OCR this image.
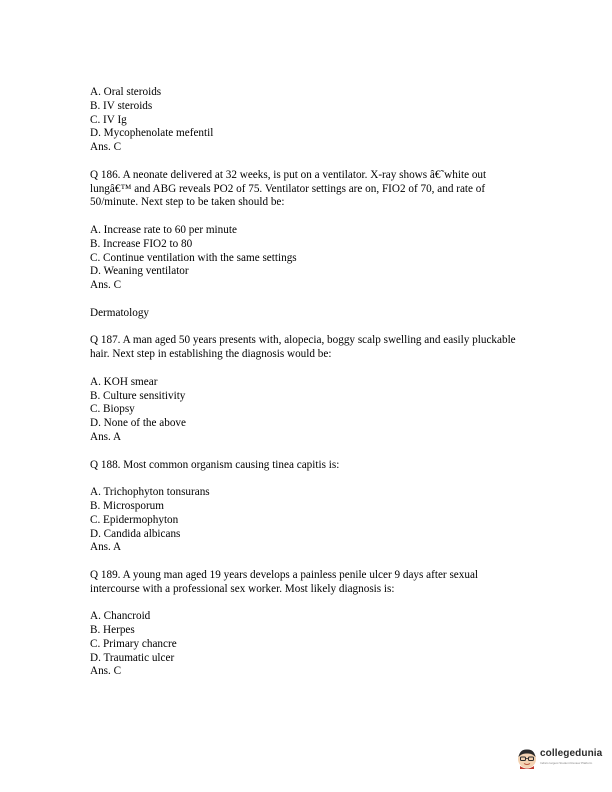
A. Oral steroids
B. IV steroids
C. IV Ig
D. Mycophenolate mefentil
Ans. C
Q 186. A neonate delivered at 32 weeks, is put on a ventilator. X-ray shows â€˜white out lungâ€™ and ABG reveals PO2 of 75. Ventilator settings are on, FIO2 of 70, and rate of 50/minute. Next step to be taken should be:
A. Increase rate to 60 per minute
B. Increase FIO2 to 80
C. Continue ventilation with the same settings
D. Weaning ventilator
Ans. C
Dermatology
Q 187. A man aged 50 years presents with, alopecia, boggy scalp swelling and easily pluckable hair. Next step in establishing the diagnosis would be:
A. KOH smear
B. Culture sensitivity
C. Biopsy
D. None of the above
Ans. A
Q 188. Most common organism causing tinea capitis is:
A. Trichophyton tonsurans
B. Microsporum
C. Epidermophyton
D. Candida albicans
Ans. A
Q 189. A young man aged 19 years develops a painless penile ulcer 9 days after sexual intercourse with a professional sex worker. Most likely diagnosis is:
A. Chancroid
B. Herpes
C. Primary chancre
D. Traumatic ulcer
Ans. C
collegedunia
India's largest Student Review Platform
